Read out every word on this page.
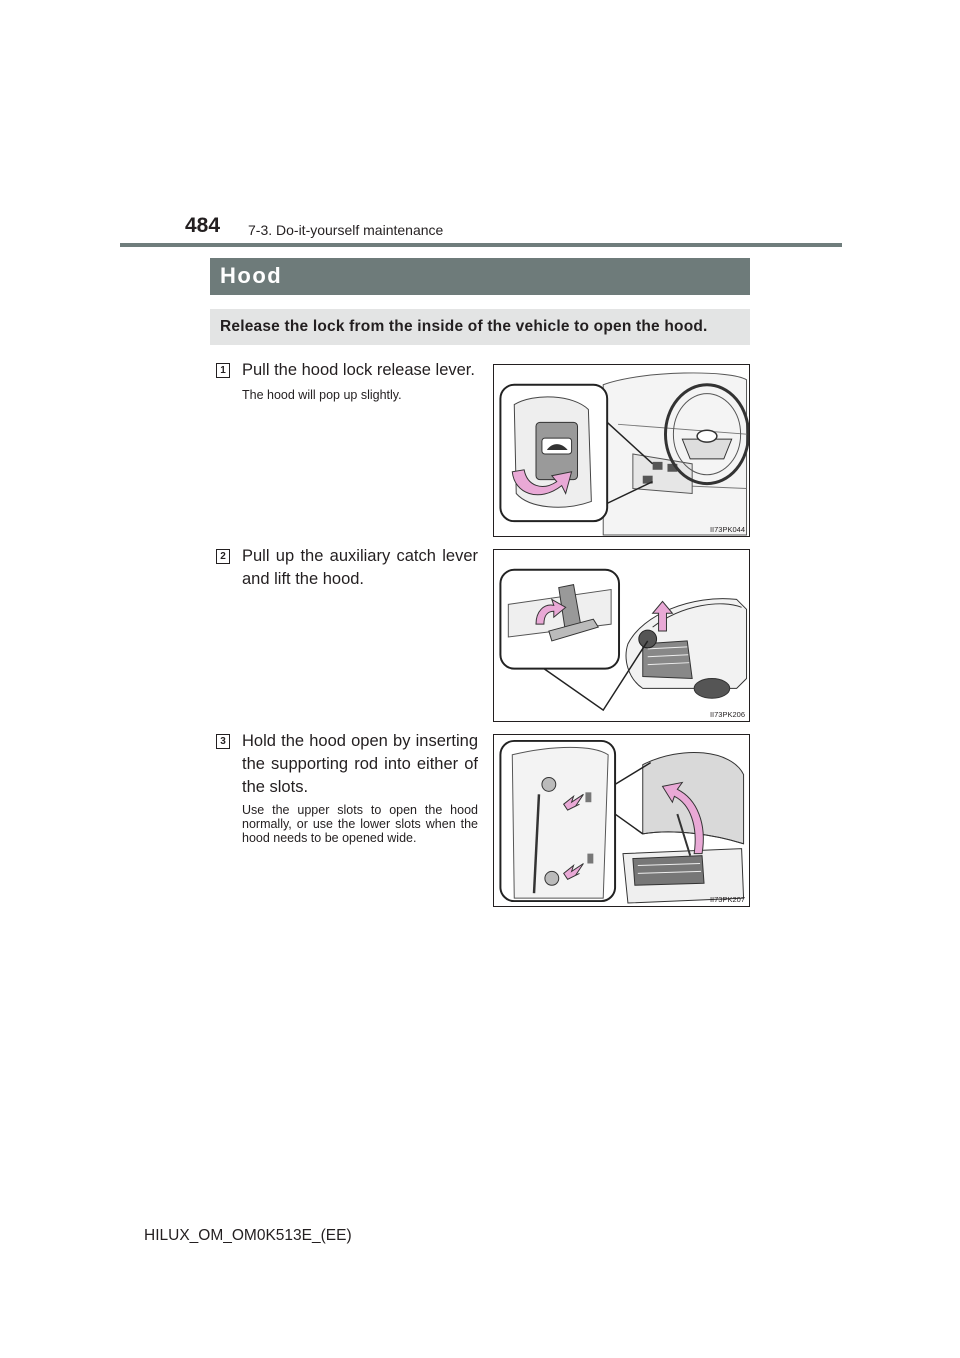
484 7-3. Do-it-yourself maintenance
Hood
Release the lock from the inside of the vehicle to open the hood.
1 Pull the hood lock release lever.
The hood will pop up slightly.
II73PK044
2 Pull up the auxiliary catch lever and lift the hood.
II73PK206
3 Hold the hood open by inserting the supporting rod into either of the slots.
Use the upper slots to open the hood normally, or use the lower slots when the hood needs to be opened wide.
II73PK207
HILUX_OM_OM0K513E_(EE)
